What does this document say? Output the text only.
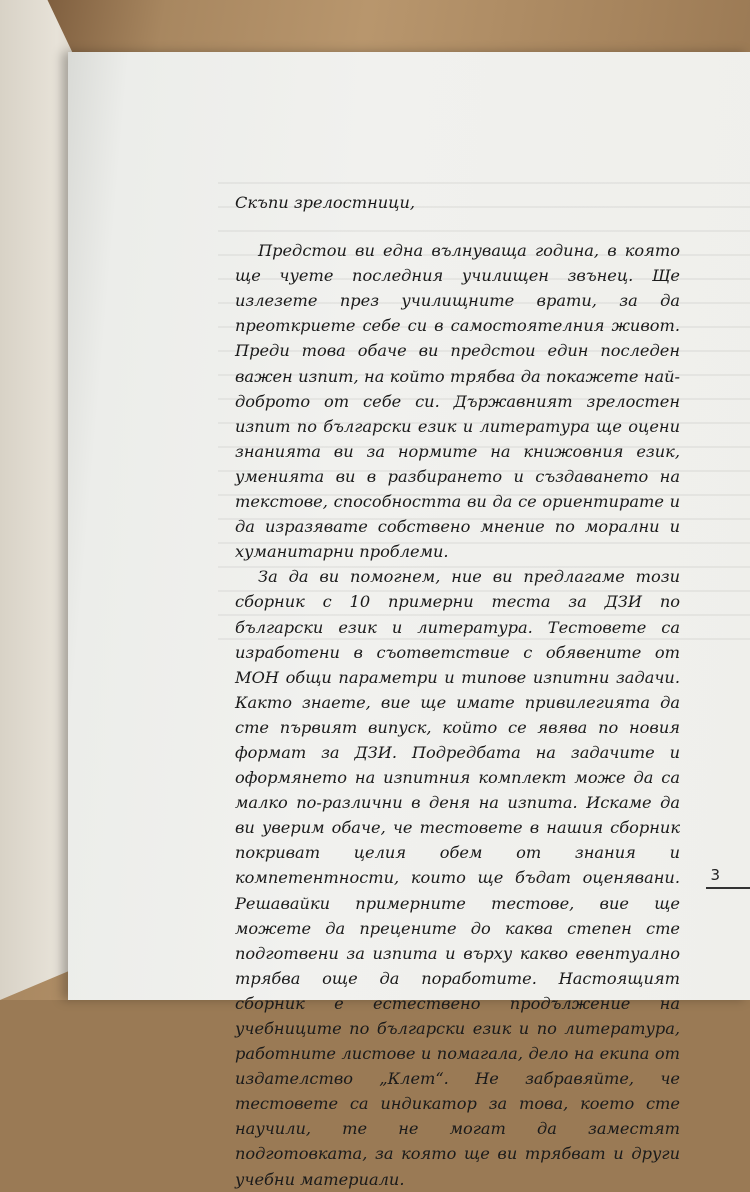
Скъпи зрелостници,

Предстои ви една вълнуваща година, в която ще чуете последния училищен звънец. Ще излезете през училищните врати, за да преоткриете себе си в самостоятелния живот. Преди това обаче ви предстои един последен важен изпит, на който трябва да покажете най-доброто от себе си. Държавният зрелостен изпит по български език и литература ще оцени знанията ви за нормите на книжовния език, уменията ви в разбирането и създаването на текстове, способността ви да се ориентирате и да изразявате собствено мнение по морални и хуманитарни проблеми.

За да ви помогнем, ние ви предлагаме този сборник с 10 примерни теста за ДЗИ по български език и литература. Тестовете са изработени в съответствие с обявените от МОН общи параметри и типове изпитни задачи. Както знаете, вие ще имате привилегията да сте първият випуск, който се явява по новия формат за ДЗИ. Подредбата на задачите и оформянето на изпитния комплект може да са малко по-различни в деня на изпита. Искаме да ви уверим обаче, че тестовете в нашия сборник покриват целия обем от знания и компетентности, които ще бъдат оценявани. Решавайки примерните тестове, вие ще можете да прецените до каква степен сте подготвени за изпита и върху какво евентуално трябва още да поработите. Настоящият сборник е естествено продължение на учебниците по български език и по литература, работните листове и помагала, дело на екипа от издателство „Клет“. Не забравяйте, че тестовете са индикатор за това, което сте научили, те не могат да заместят подготовката, за която ще ви трябват и други учебни материали.

3
